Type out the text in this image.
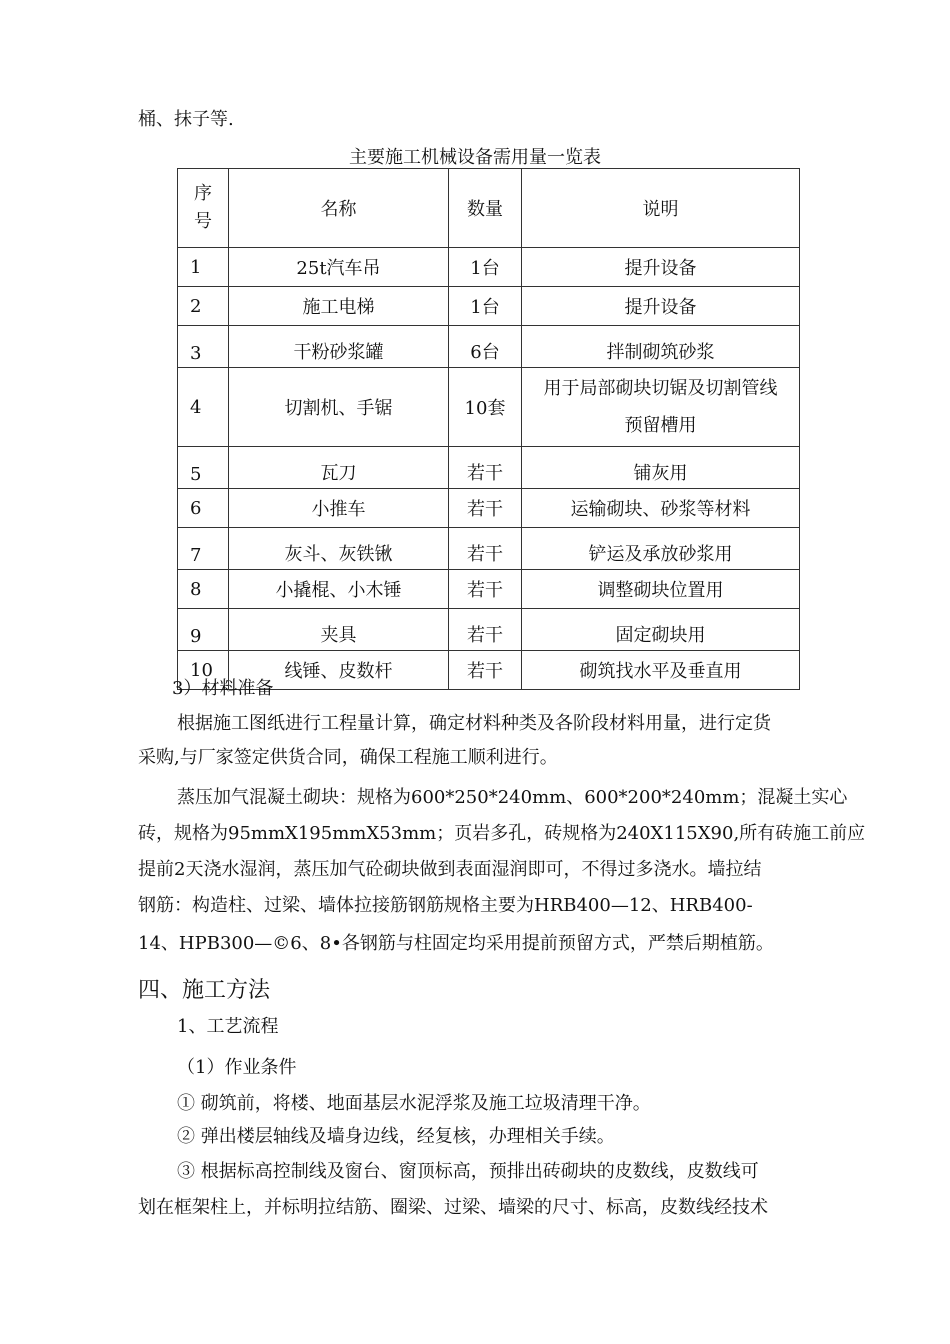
桶、抹子等.
主要施工机械设备需用量一览表
序
号	名称	数量	说明
1	25t汽车吊	1台	提升设备
2	施工电梯	1台	提升设备
3	干粉砂浆罐	6台	拌制砌筑砂浆
4	切割机、手锯	10套	用于局部砌块切锯及切割管线
预留槽用

5	瓦刀	若干	铺灰用
6	小推车	若干	运输砌块、砂浆等材料
7	灰斗、灰铁锹	若干	铲运及承放砂浆用
8	小撬棍、小木锤	若干	调整砌块位置用
9	夹具	若干	固定砌块用
10	线锤、皮数杆	若干	砌筑找水平及垂直用
3）材料准备
根据施工图纸进行工程量计算，确定材料种类及各阶段材料用量，进行定货
采购,与厂家签定供货合同，确保工程施工顺利进行。
蒸压加气混凝土砌块：规格为600*250*240mm、600*200*240mm；混凝土实心
砖，规格为95mmX195mmX53mm；页岩多孔，砖规格为240X115X90,所有砖施工前应
提前2天浇水湿润，蒸压加气砼砌块做到表面湿润即可，不得过多浇水。墙拉结
钢筋：构造柱、过梁、墙体拉接筋钢筋规格主要为HRB400—12、HRB400-
14、HPB300—©6、8•各钢筋与柱固定均采用提前预留方式，严禁后期植筋。
四、施工方法
1、工艺流程
（1）作业条件
① 砌筑前，将楼、地面基层水泥浮浆及施工垃圾清理干净。
② 弹出楼层轴线及墙身边线，经复核，办理相关手续。
③ 根据标高控制线及窗台、窗顶标高，预排出砖砌块的皮数线，皮数线可
划在框架柱上，并标明拉结筋、圈梁、过梁、墙梁的尺寸、标高，皮数线经技术
